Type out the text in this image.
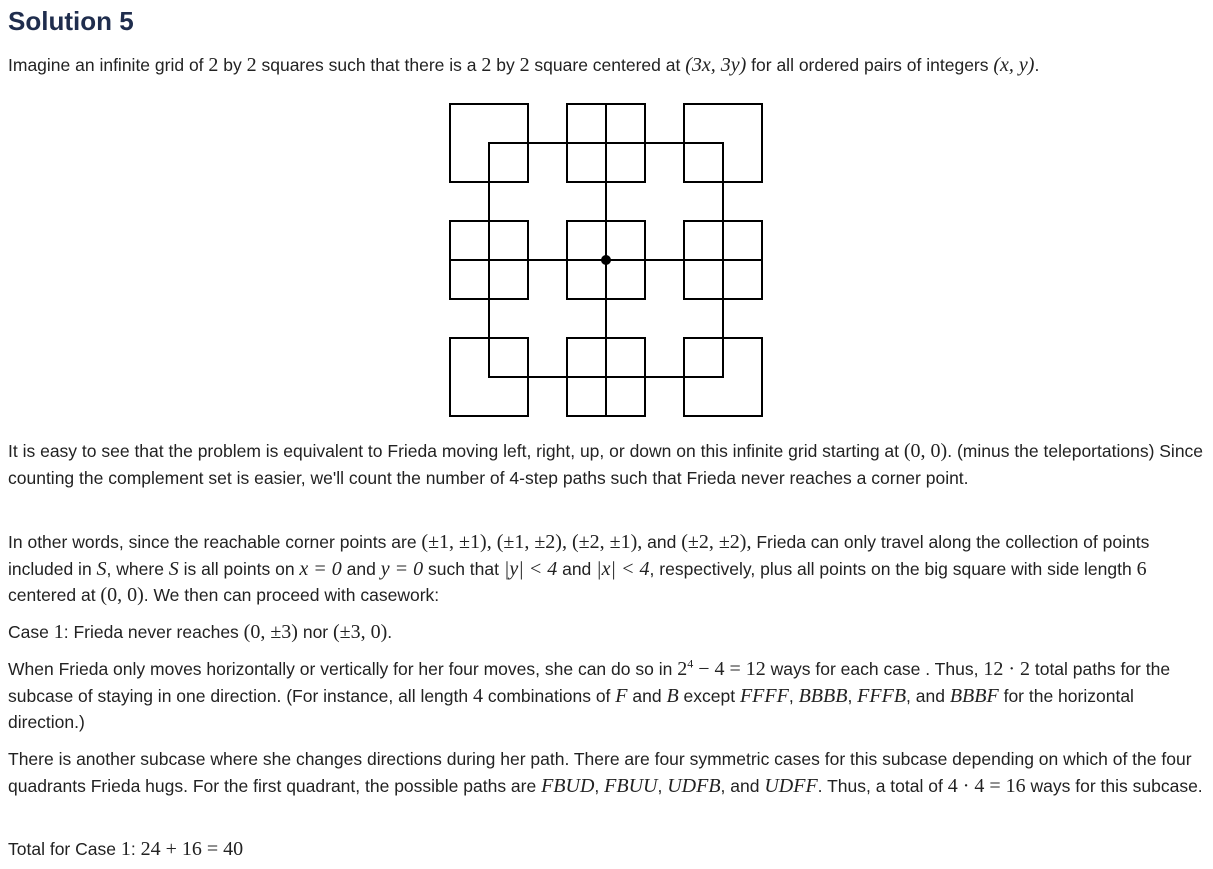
Solution 5

Imagine an infinite grid of 2 by 2 squares such that there is a 2 by 2 square centered at (3x, 3y) for all ordered pairs of integers (x, y).

It is easy to see that the problem is equivalent to Frieda moving left, right, up, or down on this infinite grid starting at (0, 0). (minus the teleportations) Since counting the complement set is easier, we'll count the number of 4-step paths such that Frieda never reaches a corner point.

In other words, since the reachable corner points are (±1, ±1), (±1, ±2), (±2, ±1), and (±2, ±2), Frieda can only travel along the collection of points included in S, where S is all points on x = 0 and y = 0 such that |y| < 4 and |x| < 4, respectively, plus all points on the big square with side length 6 centered at (0, 0). We then can proceed with casework:

Case 1: Frieda never reaches (0, ±3) nor (±3, 0).

When Frieda only moves horizontally or vertically for her four moves, she can do so in $2^4 - 4 = 12$ ways for each case . Thus, 12 · 2 total paths for the subcase of staying in one direction. (For instance, all length 4 combinations of F and B except FFFF, BBBB, FFFB, and BBBF for the horizontal direction.)

There is another subcase where she changes directions during her path. There are four symmetric cases for this subcase depending on which of the four quadrants Frieda hugs. For the first quadrant, the possible paths are FBUD, FBUU, UDFB, and UDFF. Thus, a total of 4 · 4 = 16 ways for this subcase.

Total for Case 1: 24 + 16 = 40
